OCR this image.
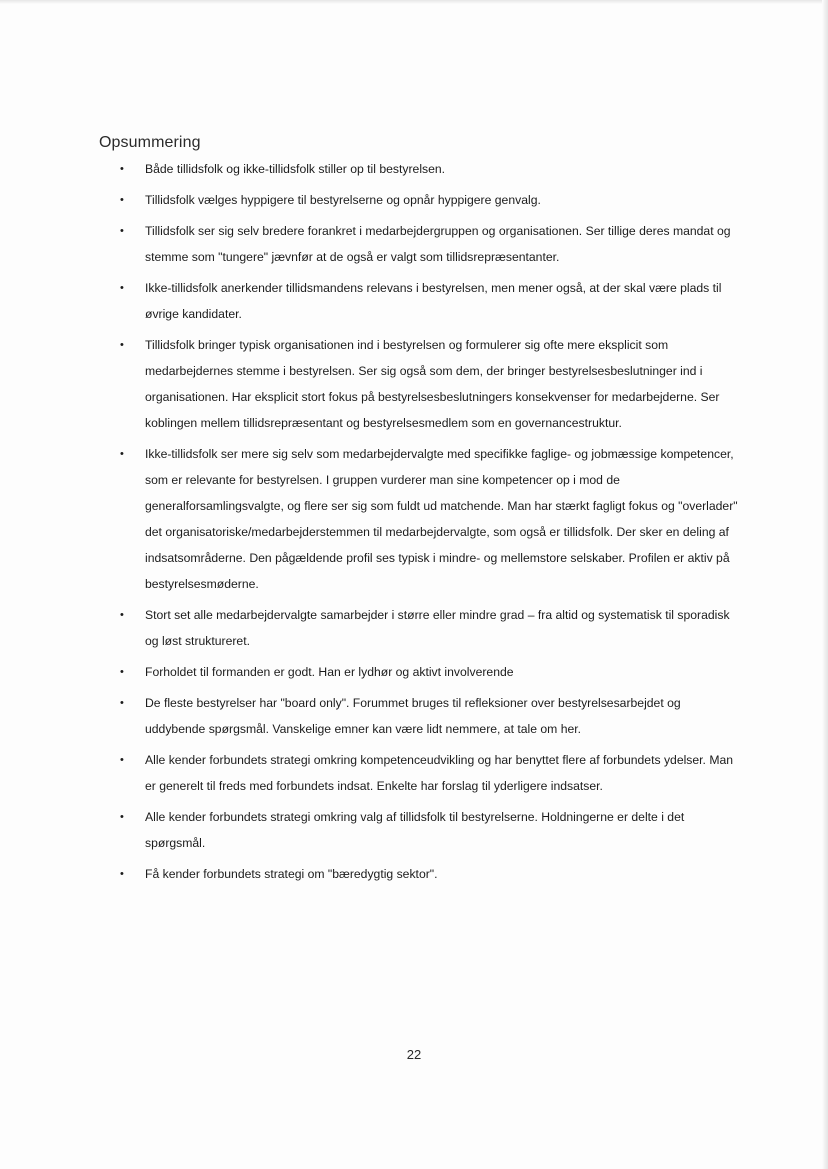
Opsummering
• Både tillidsfolk og ikke-tillidsfolk stiller op til bestyrelsen.
• Tillidsfolk vælges hyppigere til bestyrelserne og opnår hyppigere genvalg.
• Tillidsfolk ser sig selv bredere forankret i medarbejdergruppen og organisationen. Ser tillige deres mandat og stemme som "tungere" jævnfør at de også er valgt som tillidsrepræsentanter.
• Ikke-tillidsfolk anerkender tillidsmandens relevans i bestyrelsen, men mener også, at der skal være plads til øvrige kandidater.
• Tillidsfolk bringer typisk organisationen ind i bestyrelsen og formulerer sig ofte mere eksplicit som medarbejdernes stemme i bestyrelsen. Ser sig også som dem, der bringer bestyrelsesbeslutninger ind i organisationen. Har eksplicit stort fokus på bestyrelsesbeslutningers konsekvenser for medarbejderne. Ser koblingen mellem tillidsrepræsentant og bestyrelsesmedlem som en governancestruktur.
• Ikke-tillidsfolk ser mere sig selv som medarbejdervalgte med specifikke faglige- og jobmæssige kompetencer, som er relevante for bestyrelsen. I gruppen vurderer man sine kompetencer op i mod de generalforsamlingsvalgte, og flere ser sig som fuldt ud matchende. Man har stærkt fagligt fokus og "overlader" det organisatoriske/medarbejderstemmen til medarbejdervalgte, som også er tillidsfolk. Der sker en deling af indsatsområderne. Den pågældende profil ses typisk i mindre- og mellemstore selskaber. Profilen er aktiv på bestyrelsesmøderne.
• Stort set alle medarbejdervalgte samarbejder i større eller mindre grad – fra altid og systematisk til sporadisk og løst struktureret.
• Forholdet til formanden er godt. Han er lydhør og aktivt involverende
• De fleste bestyrelser har "board only". Forummet bruges til refleksioner over bestyrelsesarbejdet og uddybende spørgsmål. Vanskelige emner kan være lidt nemmere, at tale om her.
• Alle kender forbundets strategi omkring kompetenceudvikling og har benyttet flere af forbundets ydelser. Man er generelt til freds med forbundets indsat. Enkelte har forslag til yderligere indsatser.
• Alle kender forbundets strategi omkring valg af tillidsfolk til bestyrelserne. Holdningerne er delte i det spørgsmål.
• Få kender forbundets strategi om "bæredygtig sektor".
22
